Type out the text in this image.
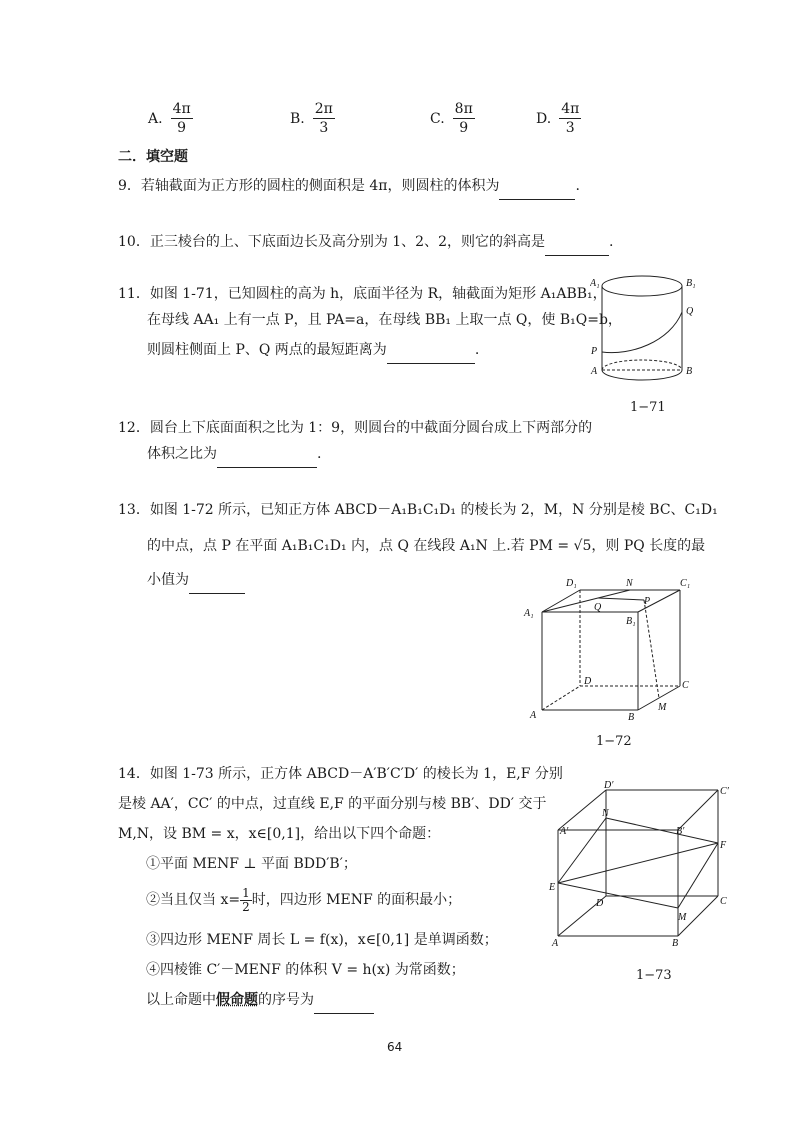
A. $\frac{4\pi}{9}$	B. $\frac{2\pi}{3}$	C. $\frac{8\pi}{9}$	D. $\frac{4\pi}{3}$
二．填空题
9．若轴截面为正方形的圆柱的侧面积是 4π，则圆柱的体积为	.
10．正三棱台的上、下底面边长及高分别为 1、2、2，则它的斜高是	.
11．如图 1-71，已知圆柱的高为 h，底面半径为 R，轴截面为矩形 A₁ABB₁，
在母线 AA₁ 上有一点 P，且 PA=a，在母线 BB₁ 上取一点 Q，使 B₁Q=b，
则圆柱侧面上 P、Q 两点的最短距离为	.
A₁	B₁
Q
P
A	B
1−71
12．圆台上下底面面积之比为 1：9，则圆台的中截面分圆台成上下两部分的
体积之比为	.
13．如图 1-72 所示，已知正方体 ABCD－A₁B₁C₁D₁ 的棱长为 2，M，N 分别是棱 BC、C₁D₁
的中点，点 P 在平面 A₁B₁C₁D₁ 内，点 Q 在线段 A₁N 上.若 PM = √5，则 PQ 长度的最
小值为	D₁	N	C₁
A₁
Q
P
B₁
D	C
A	B
M
1−72
14．如图 1-73 所示，正方体 ABCD－A′B′C′D′ 的棱长为 1，E,F 分别
是棱 AA′，CC′ 的中点，过直线 E,F 的平面分别与棱 BB′、DD′ 交于
M,N，设 BM = x，x∈[0,1]，给出以下四个命题：
①平面 MENF ⊥ 平面 BDD′B′；
②当且仅当 $x= \frac{1}{2}$ 时，四边形 MENF 的面积最小；
③四边形 MENF 周长 L = f(x)，x∈[0,1] 是单调函数；
④四棱锥 C′－MENF 的体积 V = h(x) 为常函数；
以上命题中假命题的序号为
D′
C′
N
A′	B′
F
E
D
M
C
A	B
1−73
64
